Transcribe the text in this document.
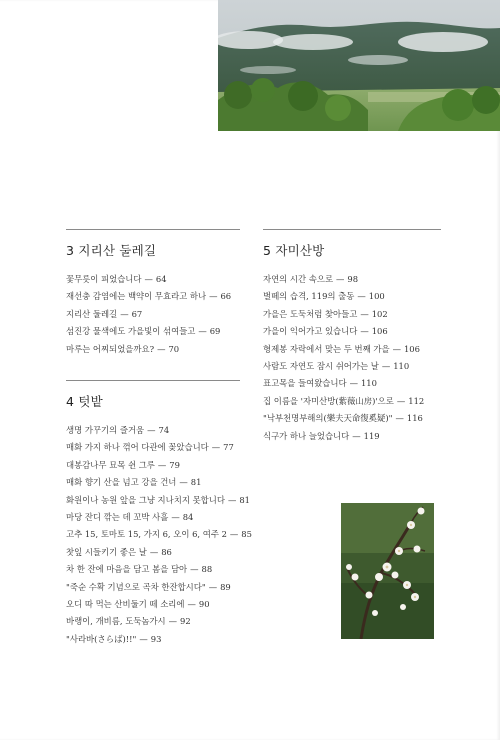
3 지리산 둘레길
꽃무릇이 피었습니다 — 64
재선충 감염에는 백약이 무효라고 하나 — 66
지리산 둘레길 — 67
섬진강 물색에도 가을빛이 섞여들고 — 69
마루는 어찌되었을까요? — 70
4 텃밭
생명 가꾸기의 즐거움 — 74
매화 가지 하나 꺾어 다관에 꽂았습니다 — 77
대봉감나무 묘목 쉰 그루 — 79
매화 향기 산을 넘고 강을 건너 — 81
화원이나 농원 앞을 그냥 지나치지 못합니다 — 81
마당 잔디 깎는 데 꼬박 사흘 — 84
고추 15, 토마토 15, 가지 6, 오이 6, 여주 2 — 85
찻잎 시들키기 좋은 날 — 86
차 한 잔에 마음을 담고 봄을 담아 — 88
"죽순 수확 기념으로 곡차 한잔합시다" — 89
오디 따 먹는 산비둘기 떼 소리에 — 90
바랭이, 개비름, 도둑놈가시 — 92
"사라바(さらば)!!" — 93
5 자미산방
자연의 시간 속으로 — 98
벌떼의 습격, 119의 출동 — 100
가을은 도둑처럼 찾아들고 — 102
가을이 익어가고 있습니다 — 106
형제봉 자락에서 맞는 두 번째 가을 — 106
사람도 자연도 잠시 쉬어가는 날 — 110
표고목을 들여왔습니다 — 110
집 이름을 '자미산방(紫薇山房)'으로 — 112
"낙부천명부해의(樂夫天命復奚疑)" — 116
식구가 하나 늘었습니다 — 119
